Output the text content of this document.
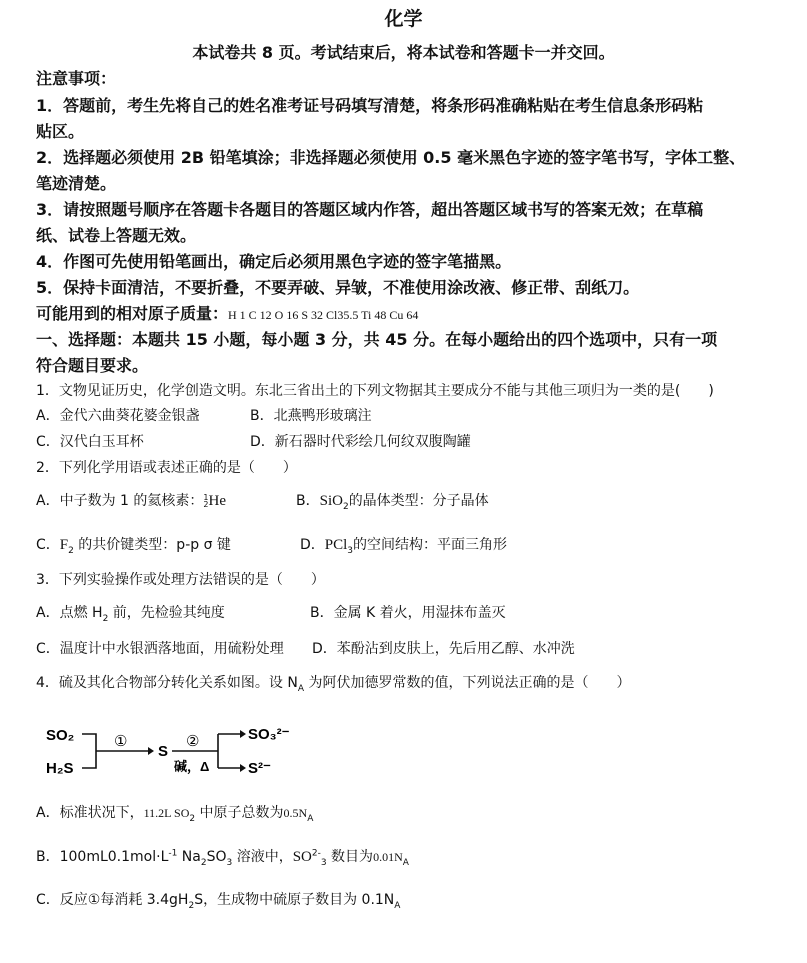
化学
本试卷共 8 页。考试结束后，将本试卷和答题卡一并交回。
注意事项：
1．答题前，考生先将自己的姓名准考证号码填写清楚，将条形码准确粘贴在考生信息条形码粘
贴区。
2．选择题必须使用 2B 铅笔填涂；非选择题必须使用 0.5 毫米黑色字迹的签字笔书写，字体工整、
笔迹清楚。
3．请按照题号顺序在答题卡各题目的答题区域内作答，超出答题区域书写的答案无效；在草稿
纸、试卷上答题无效。
4．作图可先使用铅笔画出，确定后必须用黑色字迹的签字笔描黑。
5．保持卡面清洁，不要折叠，不要弄破、异皱，不准使用涂改液、修正带、刮纸刀。
可能用到的相对原子质量：H 1 C 12 O 16 S 32 Cl35.5 Ti 48 Cu 64
一、选择题：本题共 15 小题，每小题 3 分，共 45 分。在每小题给出的四个选项中，只有一项
符合题目要求。
1．文物见证历史，化学创造文明。东北三省出土的下列文物据其主要成分不能与其他三项归为一类的是(　　)
A．金代六曲葵花婆金银盏	B．北燕鸭形玻璃注
C．汉代白玉耳杯	D．新石器时代彩绘几何纹双腹陶罐
2．下列化学用语或表述正确的是（　　）
A．中子数为 1 的氦核素：1
2He	B．SiO$_2$的晶体类型：分子晶体
C．$F_2$ 的共价键类型：p-p σ 键	D．PCl$_3$的空间结构：平面三角形
3．下列实验操作或处理方法错误的是（　　）
A．点燃 $H_2$ 前，先检验其纯度	B．金属 K 着火，用湿抹布盖灭
C．温度计中水银洒落地面，用硫粉处理 D．苯酚沾到皮肤上，先后用乙醇、水冲洗
4．硫及其化合物部分转化关系如图。设 $N_A$ 为阿伏加德罗常数的值，下列说法正确的是（　　）
SO₂
H₂S
①
S
②
碱，Δ
SO₃²⁻
S²⁻
A．标准状况下，11.2L $SO_2$ 中原子总数为$0.5N_A$
B．$100mL0.1mol\cdot L^{-1}$ $Na_2SO_3$ 溶液中，$SO^{2-}_3$ 数目为$0.01N_A$
C．反应①每消耗 $3.4gH_2S$，生成物中硫原子数目为 $0.1N_A$
